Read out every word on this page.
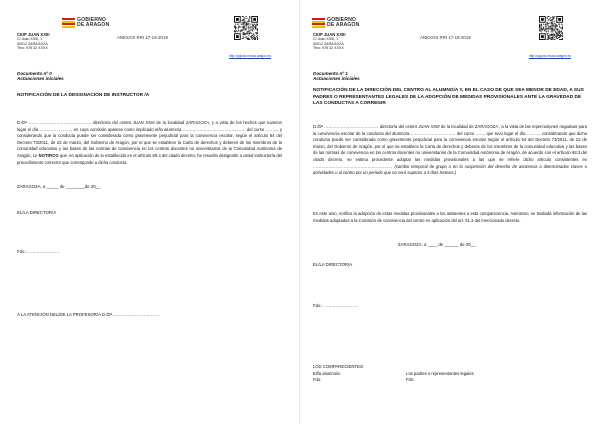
GOBIERNO
DE ARAGON
CEIP JUAN XXIII
C/ Juan XXIII, 1
50012 ZARAGOZA
Tfno: 976 32 XXXX
ANEXOS RRI 17-18-2019
http://cpjuan.educa.aragon.es
Documento nº 0
Actuaciones iniciales
NOTIFICACIÓN DE LA DESIGNACIÓN DE INSTRUCTOR /A
D./Dª ……………………………………… director/a del centro JUAN XXIII de la localidad ZARAGOZA, y a vista de los hechos que tuvieron lugar el día ………………….., en cuya comisión aparece como implicado el/la alumno/a ……………………………………… del curso ……..., y considerando que la conducta puede ser considerada como gravemente perjudicial para la convivencia escolar, según el artículo 64 del Decreto 73/2011, de 22 de marzo, del Gobierno de Aragón, por el que se establece la Carta de derechos y deberes de los miembros de la comunidad educativa y las bases de las normas de convivencia en los centros docentes no universitarios de la Comunidad Autónoma de Aragón, Le NOTIFICO que, en aplicación de lo establecido en el artículo 69.3 del citado decreto, he resuelto designarle a usted instructor/a del procedimiento corrector que corresponde a dicha conducta.
ZARAGOZA, a _____ de ________de 20__.
EL/LA DIRECTOR/A
Fdo.: ………………….
A LA ATENCIÓN DEL/DE LA PROFESOR/A D./Dª……………………………
GOBIERNO
DE ARAGON
CEIP JUAN XXIII
C/ Juan XXIII, 1
50012 ZARAGOZA
Tfno: 976 32 XXXX
ANEXOS RRI 17-18-2019
http://cpjuan.educa.aragon.es
Documento nº 1
Actuaciones iniciales
NOTIFICACIÓN DE LA DIRECCIÓN DEL CENTRO AL ALUMNO/A Y, EN EL CASO DE QUE SEA MENOR DE EDAD, A SUS PADRES O REPRESENTANTES LEGALES DE LA ADOPCIÓN DE MEDIDAS PROVISIONALES ANTE LA GRAVEDAD DE LAS CONDUCTAS A CORREGIR
D./Dª ………………………………… director/a del centro JUAN XXIII de la localidad de ZARAGOZA , a la vista de las repercusiones negativas para la convivencia escolar de la conducta del alumno/a…………………………… del curso ……, que tuvo lugar el día ………, considerando que dicha conducta puede ser considerada como gravemente perjudicial para la convivencia escolar según el artículo 64 del Decreto 73/2011, de 22 de marzo, del Gobierno de Aragón, por el que se establece la Carta de derechos y deberes de los miembros de la comunidad educativa y las bases de las normas de convivencia en los centros docentes no universitarios de la Comunidad Autónoma de Aragón, de acuerdo con el artículo 68.3 del citado decreto, se estima procedente adoptar las medidas provisionales a las que se refiere dicho artículo consistentes en ………………………………………………… (cambio temporal de grupo o en la suspensión del derecho de asistencia a determinadas clases o actividades o al centro por un periodo que no será superior a 5 días lectivos.)
En este acto, notifico la adopción de estas medidas provisionales a los asistentes a esta comparecencia. Asimismo, se traslada información de las medidas adoptadas a la Comisión de convivencia del centro en aplicación del art. 61.3 del mencionado decreto.
ZARAGOZA, a ____ de ______ de 20__.
EL/LA DIRECTOR/A
Fdo.: ……………………
LOS COMPARECIENTES:
El/la alumno/a:	Los padres o representantes legales
Fdo:	Fdo:
